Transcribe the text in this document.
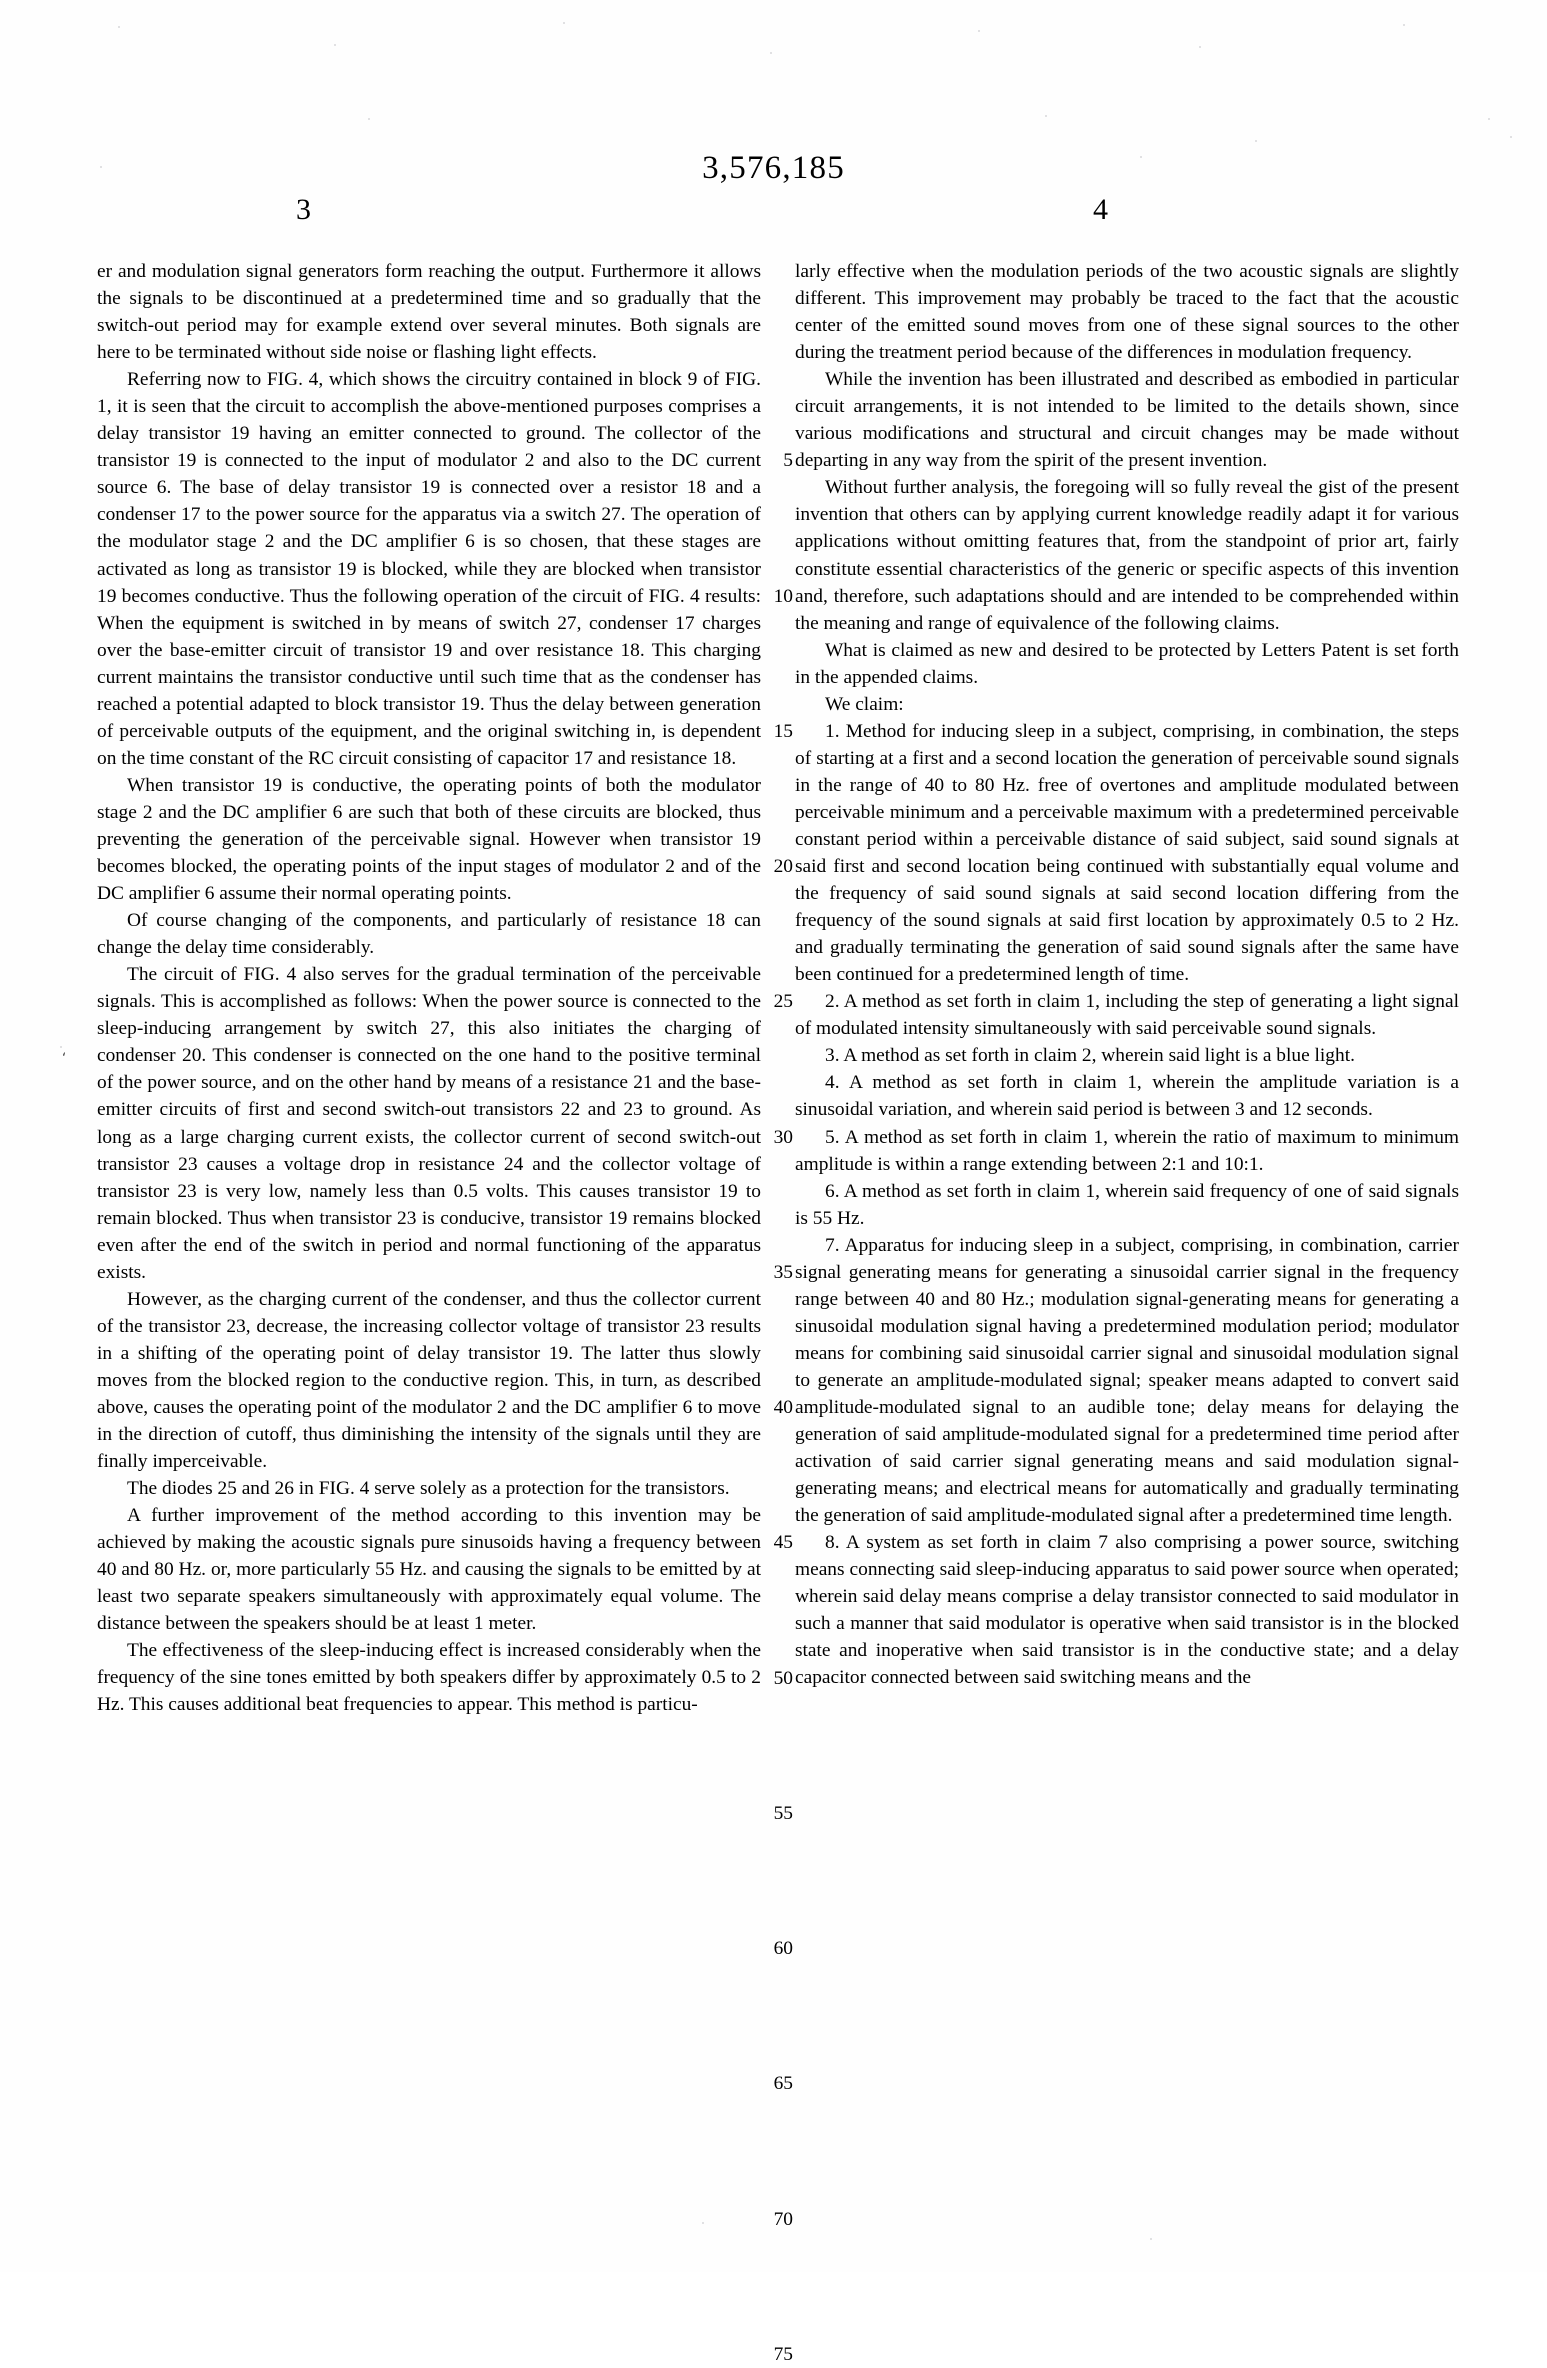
⸲
3,576,185
3	4
5
10
15
20
25
30
35
40
45
50
55
60
65
70
75

er and modulation signal generators form reaching the output. Furthermore it allows the signals to be discontinued at a predetermined time and so gradually that the switch-out period may for example extend over several minutes. Both signals are here to be terminated without side noise or flashing light effects.

Referring now to FIG. 4, which shows the circuitry contained in block 9 of FIG. 1, it is seen that the circuit to accomplish the above-mentioned purposes comprises a delay transistor 19 having an emitter connected to ground. The collector of the transistor 19 is connected to the input of modulator 2 and also to the DC current source 6. The base of delay transistor 19 is connected over a resistor 18 and a condenser 17 to the power source for the apparatus via a switch 27. The operation of the modulator stage 2 and the DC amplifier 6 is so chosen, that these stages are activated as long as transistor 19 is blocked, while they are blocked when transistor 19 becomes conductive. Thus the following operation of the circuit of FIG. 4 results: When the equipment is switched in by means of switch 27, condenser 17 charges over the base-emitter circuit of transistor 19 and over resistance 18. This charging current maintains the transistor conductive until such time that as the condenser has reached a potential adapted to block transistor 19. Thus the delay between generation of perceivable outputs of the equipment, and the original switching in, is dependent on the time constant of the RC circuit consisting of capacitor 17 and resistance 18.

When transistor 19 is conductive, the operating points of both the modulator stage 2 and the DC amplifier 6 are such that both of these circuits are blocked, thus preventing the generation of the perceivable signal. However when transistor 19 becomes blocked, the operating points of the input stages of modulator 2 and of the DC amplifier 6 assume their normal operating points.

Of course changing of the components, and particularly of resistance 18 can change the delay time considerably.

The circuit of FIG. 4 also serves for the gradual termination of the perceivable signals. This is accomplished as follows: When the power source is connected to the sleep-inducing arrangement by switch 27, this also initiates the charging of condenser 20. This condenser is connected on the one hand to the positive terminal of the power source, and on the other hand by means of a resistance 21 and the base-emitter circuits of first and second switch-out transistors 22 and 23 to ground. As long as a large charging current exists, the collector current of second switch-out transistor 23 causes a voltage drop in resistance 24 and the collector voltage of transistor 23 is very low, namely less than 0.5 volts. This causes transistor 19 to remain blocked. Thus when transistor 23 is conducive, transistor 19 remains blocked even after the end of the switch in period and normal functioning of the apparatus exists.

However, as the charging current of the condenser, and thus the collector current of the transistor 23, decrease, the increasing collector voltage of transistor 23 results in a shifting of the operating point of delay transistor 19. The latter thus slowly moves from the blocked region to the conductive region. This, in turn, as described above, causes the operating point of the modulator 2 and the DC amplifier 6 to move in the direction of cutoff, thus diminishing the intensity of the signals until they are finally imperceivable.

The diodes 25 and 26 in FIG. 4 serve solely as a protection for the transistors.

A further improvement of the method according to this invention may be achieved by making the acoustic signals pure sinusoids having a frequency between 40 and 80 Hz. or, more particularly 55 Hz. and causing the signals to be emitted by at least two separate speakers simultaneously with approximately equal volume. The distance between the speakers should be at least 1 meter.

The effectiveness of the sleep-inducing effect is increased considerably when the frequency of the sine tones emitted by both speakers differ by approximately 0.5 to 2 Hz. This causes additional beat frequencies to appear. This method is particu-

larly effective when the modulation periods of the two acoustic signals are slightly different. This improvement may probably be traced to the fact that the acoustic center of the emitted sound moves from one of these signal sources to the other during the treatment period because of the differences in modulation frequency.

While the invention has been illustrated and described as embodied in particular circuit arrangements, it is not intended to be limited to the details shown, since various modifications and structural and circuit changes may be made without departing in any way from the spirit of the present invention.

Without further analysis, the foregoing will so fully reveal the gist of the present invention that others can by applying current knowledge readily adapt it for various applications without omitting features that, from the standpoint of prior art, fairly constitute essential characteristics of the generic or specific aspects of this invention and, therefore, such adaptations should and are intended to be comprehended within the meaning and range of equivalence of the following claims.

What is claimed as new and desired to be protected by Letters Patent is set forth in the appended claims.

We claim:

1. Method for inducing sleep in a subject, comprising, in combination, the steps of starting at a first and a second location the generation of perceivable sound signals in the range of 40 to 80 Hz. free of overtones and amplitude modulated between perceivable minimum and a perceivable maximum with a predetermined perceivable constant period within a perceivable distance of said subject, said sound signals at said first and second location being continued with substantially equal volume and the frequency of said sound signals at said second location differing from the frequency of the sound signals at said first location by approximately 0.5 to 2 Hz. and gradually terminating the generation of said sound signals after the same have been continued for a predetermined length of time.

2. A method as set forth in claim 1, including the step of generating a light signal of modulated intensity simultaneously with said perceivable sound signals.

3. A method as set forth in claim 2, wherein said light is a blue light.

4. A method as set forth in claim 1, wherein the amplitude variation is a sinusoidal variation, and wherein said period is between 3 and 12 seconds.

5. A method as set forth in claim 1, wherein the ratio of maximum to minimum amplitude is within a range extending between 2:1 and 10:1.

6. A method as set forth in claim 1, wherein said frequency of one of said signals is 55 Hz.

7. Apparatus for inducing sleep in a subject, comprising, in combination, carrier signal generating means for generating a sinusoidal carrier signal in the frequency range between 40 and 80 Hz.; modulation signal-generating means for generating a sinusoidal modulation signal having a predetermined modulation period; modulator means for combining said sinusoidal carrier signal and sinusoidal modulation signal to generate an amplitude-modulated signal; speaker means adapted to convert said amplitude-modulated signal to an audible tone; delay means for delaying the generation of said amplitude-modulated signal for a predetermined time period after activation of said carrier signal generating means and said modulation signal-generating means; and electrical means for automatically and gradually terminating the generation of said amplitude-modulated signal after a predetermined time length.

8. A system as set forth in claim 7 also comprising a power source, switching means connecting said sleep-inducing apparatus to said power source when operated; wherein said delay means comprise a delay transistor connected to said modulator in such a manner that said modulator is operative when said transistor is in the blocked state and inoperative when said transistor is in the conductive state; and a delay capacitor connected between said switching means and the
